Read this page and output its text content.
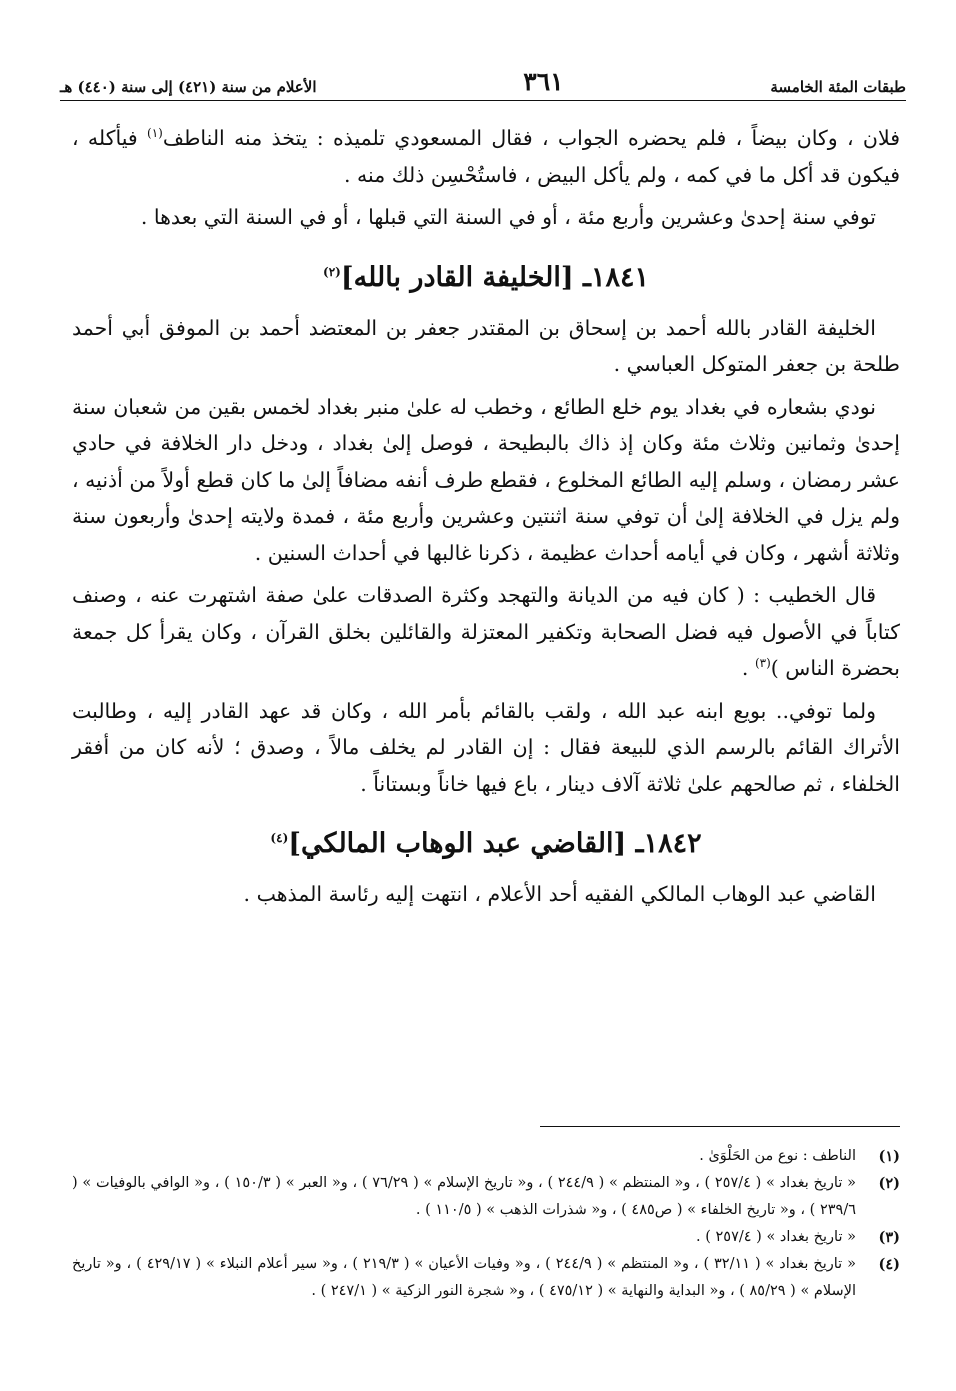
طبقات المئة الخامسة
٣٦١
الأعلام من سنة (٤٢١) إلى سنة (٤٤٠) هـ

فلان ، وكان بيضاً ، فلم يحضره الجواب ، فقال المسعودي تلميذه : يتخذ منه الناطف$^{(١)}$ فيأكله ، فيكون قد أكل ما في كمه ، ولم يأكل البيض ، فاستُحْسِن ذلك منه .

توفي سنة إحدىٰ وعشرين وأربع مئة ، أو في السنة التي قبلها ، أو في السنة التي بعدها .

١٨٤١ـ [الخليفة القادر بالله]$^{(٢)}$

الخليفة القادر بالله أحمد بن إسحاق بن المقتدر جعفر بن المعتضد أحمد بن الموفق أبي أحمد طلحة بن جعفر المتوكل العباسي .

نودي بشعاره في بغداد يوم خلع الطائع ، وخطب له علىٰ منبر بغداد لخمس بقين من شعبان سنة إحدىٰ وثمانين وثلاث مئة وكان إذ ذاك بالبطيحة ، فوصل إلىٰ بغداد ، ودخل دار الخلافة في حادي عشر رمضان ، وسلم إليه الطائع المخلوع ، فقطع طرف أنفه مضافاً إلىٰ ما كان قطع أولاً من أذنيه ، ولم يزل في الخلافة إلىٰ أن توفي سنة اثنتين وعشرين وأربع مئة ، فمدة ولايته إحدىٰ وأربعون سنة وثلاثة أشهر ، وكان في أيامه أحداث عظيمة ، ذكرنا غالبها في أحداث السنين .

قال الخطيب : ( كان فيه من الديانة والتهجد وكثرة الصدقات علىٰ صفة اشتهرت عنه ، وصنف كتاباً في الأصول فيه فضل الصحابة وتكفير المعتزلة والقائلين بخلق القرآن ، وكان يقرأ كل جمعة بحضرة الناس )$^{(٣)}$ .

ولما توفي.. بويع ابنه عبد الله ، ولقب بالقائم بأمر الله ، وكان قد عهد القادر إليه ، وطالبت الأتراك القائم بالرسم الذي للبيعة فقال : إن القادر لم يخلف مالاً ، وصدق ؛ لأنه كان من أفقر الخلفاء ، ثم صالحهم علىٰ ثلاثة آلاف دينار ، باع فيها خاناً وبستاناً .

١٨٤٢ـ [القاضي عبد الوهاب المالكي]$^{(٤)}$

القاضي عبد الوهاب المالكي الفقيه أحد الأعلام ، انتهت إليه رئاسة المذهب .

(١)
الناطف : نوع من الحَلْوَىٰ .
(٢)
« تاريخ بغداد » ( ٢٥٧/٤ ) ، و« المنتظم » ( ٢٤٤/٩ ) ، و« تاريخ الإسلام » ( ٧٦/٢٩ ) ، و« العبر » ( ١٥٠/٣ ) ، و« الوافي بالوفيات » ( ٢٣٩/٦ ) ، و« تاريخ الخلفاء » ( ص٤٨٥ ) ، و« شذرات الذهب » ( ١١٠/٥ ) .
(٣)
« تاريخ بغداد » ( ٢٥٧/٤ ) .
(٤)
« تاريخ بغداد » ( ٣٢/١١ ) ، و« المنتظم » ( ٢٤٤/٩ ) ، و« وفيات الأعيان » ( ٢١٩/٣ ) ، و« سير أعلام النبلاء » ( ٤٢٩/١٧ ) ، و« تاريخ الإسلام » ( ٨٥/٢٩ ) ، و« البداية والنهاية » ( ٤٧٥/١٢ ) ، و« شجرة النور الزكية » ( ٢٤٧/١ ) .
